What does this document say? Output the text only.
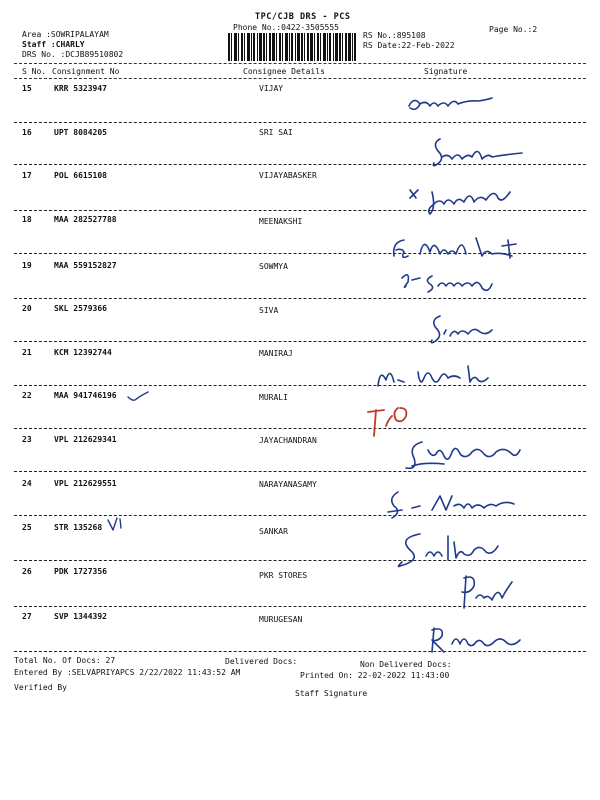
TPC/CJB DRS - PCS
Phone No.:0422-3505555	Page No.:2
Area :SOWRIPALAYAM
Staff :CHARLY
DRS No. :DCJB89510802
RS No.:895108
RS Date:22-Feb-2022
S No. Consignment No	Consignee Details	Signature
15	KRR 5323947	VIJAY
16	UPT 8084205	SRI SAI
17	POL 6615108	VIJAYABASKER
18	MAA 282527788	MEENAKSHI
19	MAA 559152827	SOWMYA
20	SKL 2579366	SIVA
21	KCM 12392744	MANIRAJ
22	MAA 941746196	MURALI
23	VPL 212629341	JAYACHANDRAN
24	VPL 212629551	NARAYANASAMY
25	STR 135268	SANKAR
26	PDK 1727356	PKR STORES
27	SVP 1344392	MURUGESAN
Total No. Of Docs: 27	Delivered Docs:	Non Delivered Docs:
Entered By :SELVAPRIYAPCS 2/22/2022 11:43:52 AM	Printed On: 22-02-2022 11:43:00
Verified By
Staff Signature
